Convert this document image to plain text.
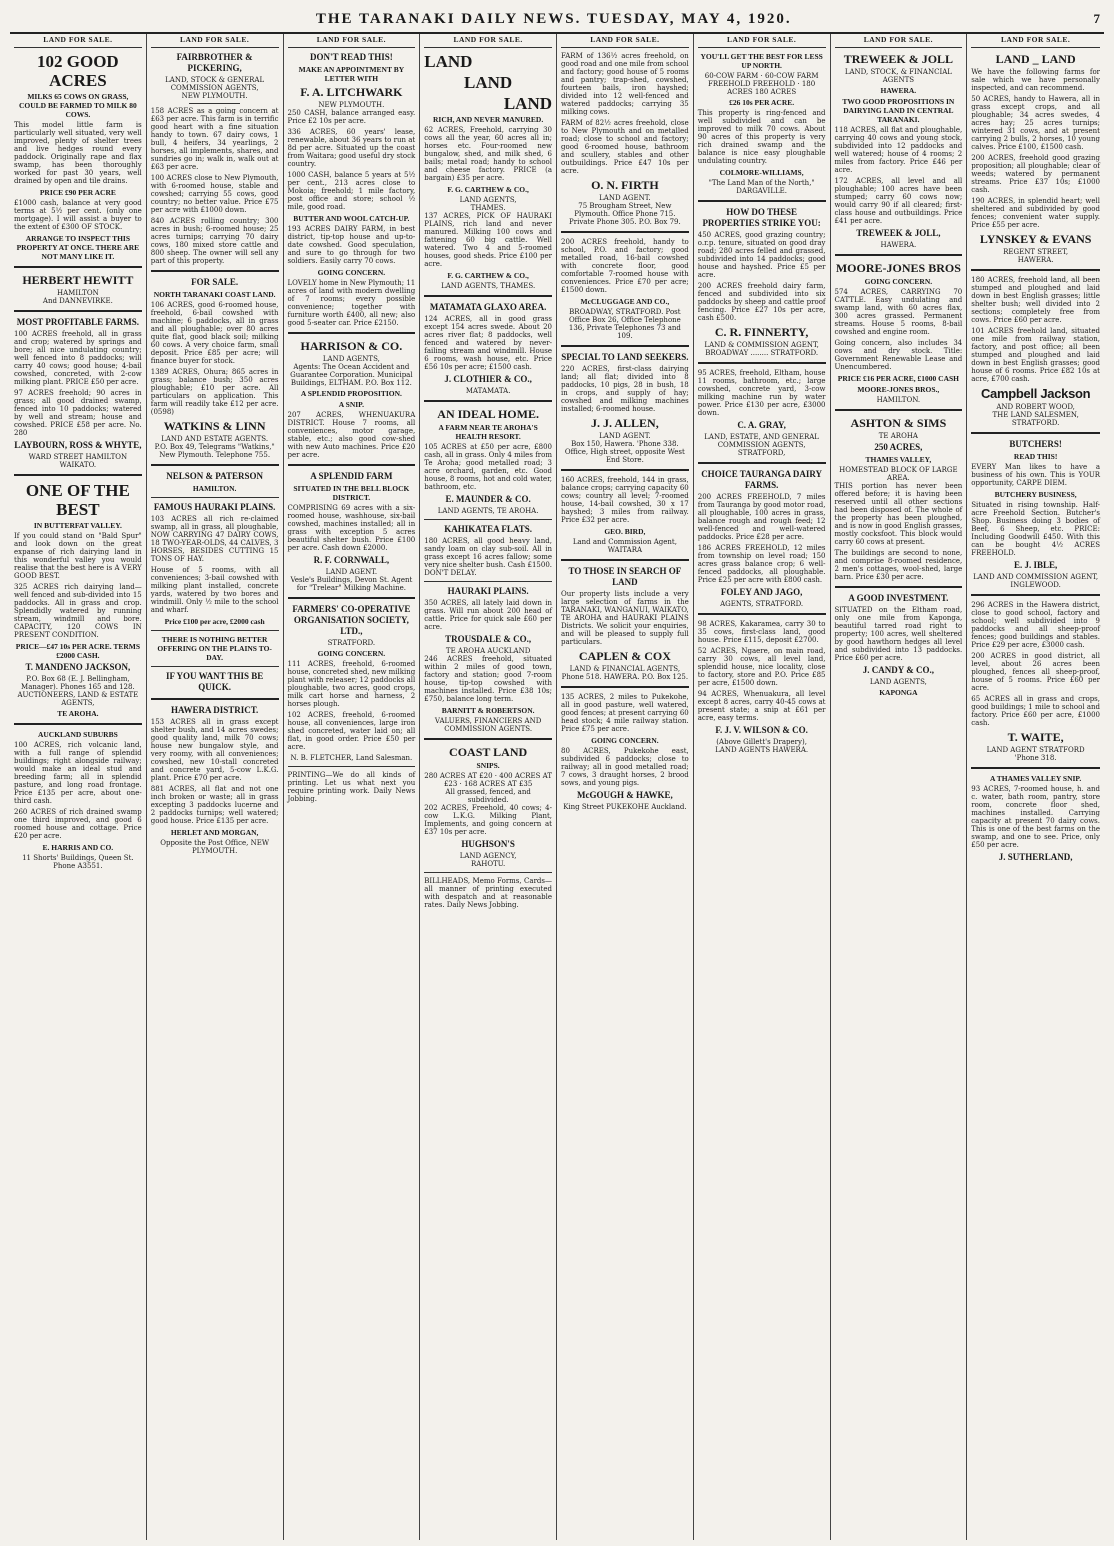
THE TARANAKI DAILY NEWS. TUESDAY, MAY 4, 1920.	7
LAND FOR SALE.
102 GOOD ACRES
MILKS 65 COWS ON GRASS, COULD BE FARMED TO MILK 80 COWS.

This model little farm is particularly well situated, very well improved, plenty of shelter trees and live hedges round every paddock. Originally rape and flax swamp, has been thoroughly worked for past 30 years, well drained by open and tile drains.

PRICE £90 PER ACRE

£1000 cash, balance at very good terms at 5½ per cent. (only one mortgage). I will assist a buyer to the extent of £300 OF STOCK.

ARRANGE TO INSPECT THIS PROPERTY AT ONCE. THERE ARE NOT MANY LIKE IT.
HERBERT HEWITT
HAMILTON
And DANNEVIRKE.
MOST PROFITABLE FARMS.

100 ACRES freehold, all in grass and crop; watered by springs and bore; all nice undulating country; well fenced into 8 paddocks; will carry 40 cows; good house; 4-bail cowshed, concreted, with 2-cow milking plant. PRICE £50 per acre.

97 ACRES freehold; 90 acres in grass; all good drained swamp, fenced into 10 paddocks; watered by well and stream; house and cowshed. PRICE £58 per acre. No. 280

LAYBOURN, ROSS & WHYTE,
WARD STREET HAMILTON WAIKATO.
ONE OF THE BEST
IN BUTTERFAT VALLEY.

If you could stand on "Bald Spur" and look down on the great expanse of rich dairying land in this wonderful valley you would realise that the best here is A VERY GOOD BEST.

325 ACRES rich dairying land—well fenced and sub-divided into 15 paddocks. All in grass and crop. Splendidly watered by running stream, windmill and bore. CAPACITY, 120 COWS IN PRESENT CONDITION.

PRICE—£47 10s PER ACRE. TERMS £2000 CASH.
T. MANDENO JACKSON,
P.O. Box 68 (E. J. Bellingham, Manager). Phones 165 and 128.
AUCTIONEERS, LAND & ESTATE AGENTS,
TE AROHA.
AUCKLAND SUBURBS

100 ACRES, rich volcanic land, with a full range of splendid buildings; right alongside railway; would make an ideal stud and breeding farm; all in splendid pasture, and long road frontage. Price £135 per acre, about one-third cash.

260 ACRES of rich drained swamp one third improved, and good 6 roomed house and cottage. Price £20 per acre.

E. HARRIS AND CO.
11 Shorts' Buildings, Queen St. Phone A3551.
LAND FOR SALE.
FAIRBROTHER & PICKERING,
LAND, STOCK & GENERAL COMMISSION AGENTS,
NEW PLYMOUTH.

158 ACRES as a going concern at £63 per acre. This farm is in terrific good heart with a fine situation handy to town. 67 dairy cows, 1 bull, 4 heifers, 34 yearlings, 2 horses, all implements, shares, and sundries go in; walk in, walk out at £63 per acre.

100 ACRES close to New Plymouth, with 6-roomed house, stable and cowshed; carrying 55 cows, good country; no better value. Price £75 per acre with £1000 down.

840 ACRES rolling country; 300 acres in bush; 6-roomed house; 25 acres turnips; carrying 70 dairy cows, 180 mixed store cattle and 800 sheep. The owner will sell any part of this property.

FOR SALE.
NORTH TARANAKI COAST LAND.

106 ACRES, good 6-roomed house, freehold, 6-bail cowshed with machine; 6 paddocks, all in grass and all ploughable; over 80 acres quite flat, good black soil; milking 60 cows. A very choice farm, small deposit. Price £85 per acre; will finance buyer for stock.

1389 ACRES, Ohura; 865 acres in grass; balance bush; 350 acres ploughable; £10 per acre. All particulars on application. This farm will readily take £12 per acre. (0598)

WATKINS & LINN
LAND AND ESTATE AGENTS.
P.O. Box 49, Telegrams "Watkins," New Plymouth. Telephone 755.
NELSON & PATERSON
HAMILTON.
FAMOUS HAURAKI PLAINS.

103 ACRES all rich re-claimed swamp, all in grass, all ploughable, NOW CARRYING 47 DAIRY COWS, 18 TWO-YEAR-OLDS, 44 CALVES, 3 HORSES, BESIDES CUTTING 15 TONS OF HAY.

House of 5 rooms, with all conveniences; 3-bail cowshed with milking plant installed, concrete yards, watered by two bores and windmill. Only ½ mile to the school and wharf.

Price £100 per acre, £2000 cash
THERE IS NOTHING BETTER OFFERING ON THE PLAINS TO-DAY.
IF YOU WANT THIS BE QUICK.
HAWERA DISTRICT.

153 ACRES all in grass except shelter bush, and 14 acres swedes; good quality land, milk 70 cows; house new bungalow style, and very roomy, with all conveniences; cowshed, new 10-stall concreted and concrete yard, 5-cow L.K.G. plant. Price £70 per acre.

881 ACRES, all flat and not one inch broken or waste; all in grass excepting 3 paddocks lucerne and 2 paddocks turnips; well watered; good house. Price £135 per acre.

HERLET AND MORGAN,
Opposite the Post Office, NEW PLYMOUTH.
LAND FOR SALE.
DON'T READ THIS!
MAKE AN APPOINTMENT BY LETTER WITH
F. A. LITCHWARK
NEW PLYMOUTH.

250 CASH, balance arranged easy. Price £2 10s per acre.

336 ACRES, 60 years' lease, renewable, about 36 years to run at 8d per acre. Situated up the coast from Waitara; good useful dry stock country.

1000 CASH, balance 5 years at 5½ per cent., 213 acres close to Mokoia; freehold; 1 mile factory, post office and store; school ½ mile, good road.

BUTTER AND WOOL CATCH-UP.

193 ACRES DAIRY FARM, in best district, tip-top house and up-to-date cowshed. Good speculation, and sure to go through for two soldiers. Easily carry 70 cows.

GOING CONCERN.

LOVELY home in New Plymouth; 11 acres of land with modern dwelling of 7 rooms; every possible convenience; together with furniture worth £400, all new; also good 5-seater car. Price £2150.

HARRISON & CO.
LAND AGENTS,
Agents: The Ocean Accident and Guarantee Corporation. Municipal Buildings, ELTHAM. P.O. Box 112.
A SPLENDID PROPOSITION.
A SNIP.

207 ACRES, WHENUAKURA DISTRICT. House 7 rooms, all conveniences, motor garage, stable, etc.; also good cow-shed with new Auto machines. Price £20 per acre.

A SPLENDID FARM
SITUATED IN THE BELL BLOCK DISTRICT.

COMPRISING 69 acres with a six-roomed house, washhouse, six-bail cowshed, machines installed; all in grass with exception 5 acres beautiful shelter bush. Price £100 per acre. Cash down £2000.

R. F. CORNWALL,
LAND AGENT.
Vesle's Buildings, Devon St. Agent for "Trelear" Milking Machine.
FARMERS' CO-OPERATIVE ORGANISATION SOCIETY, LTD.,
STRATFORD.
GOING CONCERN.

111 ACRES, freehold, 6-roomed house, concreted shed, new milking plant with releaser; 12 paddocks all ploughable, two acres, good crops, milk cart horse and harness, 2 horses plough.

102 ACRES, freehold, 6-roomed house, all conveniences, large iron shed concreted, water laid on; all flat, in good order. Price £50 per acre.

N. B. FLETCHER, Land Salesman.

PRINTING—We do all kinds of printing. Let us what next you require printing work. Daily News Jobbing.

LAND FOR SALE.
LAND
LAND
LAND
RICH, AND NEVER MANURED.

62 ACRES, Freehold, carrying 30 cows all the year, 60 acres all in; horses etc. Four-roomed new bungalow, shed, and milk shed, 6 bails; metal road; handy to school and cheese factory. PRICE (a bargain) £35 per acre.

F. G. CARTHEW & CO.,
LAND AGENTS,
THAMES.

137 ACRES, PICK OF HAURAKI PLAINS, rich land and never manured. Milking 100 cows and fattening 60 big cattle. Well watered. Two 4 and 5-roomed houses, good sheds. Price £100 per acre.

F. G. CARTHEW & CO.,
LAND AGENTS, THAMES.
MATAMATA GLAXO AREA.

124 ACRES, all in good grass except 154 acres swede. About 20 acres river flat; 8 paddocks, well fenced and watered by never-failing stream and windmill. House 6 rooms, wash house, etc. Price £56 10s per acre; £1500 cash.

J. CLOTHIER & CO.,
MATAMATA.
AN IDEAL HOME.
A FARM NEAR TE AROHA'S HEALTH RESORT.

105 ACRES at £50 per acre, £800 cash, all in grass. Only 4 miles from Te Aroha; good metalled road; 3 acre orchard, garden, etc. Good house, 8 rooms, hot and cold water, bathroom, etc.

E. MAUNDER & CO.
LAND AGENTS, TE AROHA.
KAHIKATEA FLATS.

180 ACRES, all good heavy land, sandy loam on clay sub-soil. All in grass except 16 acres fallow; some very nice shelter bush. Cash £1500. DON'T DELAY.

HAURAKI PLAINS.

350 ACRES, all lately laid down in grass. Will run about 200 head of cattle. Price for quick sale £60 per acre.

TROUSDALE & CO.,
TE AROHA AUCKLAND

246 ACRES freehold, situated within 2 miles of good town, factory and station; good 7-room house, tip-top cowshed with machines installed. Price £38 10s; £750, balance long term.

BARNITT & ROBERTSON.
VALUERS, FINANCIERS AND COMMISSION AGENTS.
COAST LAND
SNIPS.
280 ACRES AT £20 · 400 ACRES AT £23 · 168 ACRES AT £35
All grassed, fenced, and subdivided.

202 ACRES, Freehold, 40 cows; 4-cow L.K.G. Milking Plant, Implements, and going concern at £37 10s per acre.

HUGHSON'S
LAND AGENCY,
RAHOTU.

BILLHEADS, Memo Forms, Cards—all manner of printing executed with despatch and at reasonable rates. Daily News Jobbing.

LAND FOR SALE.

FARM of 136½ acres freehold, on good road and one mile from school and factory; good house of 5 rooms and pantry; trap-shed, cowshed, fourteen bails, iron hayshed; divided into 12 well-fenced and watered paddocks; carrying 35 milking cows.

FARM of 82½ acres freehold, close to New Plymouth and on metalled road; close to school and factory; good 6-roomed house, bathroom and scullery, stables and other outbuildings. Price £47 10s per acre.

O. N. FIRTH
LAND AGENT.
75 Brougham Street, New Plymouth. Office Phone 715. Private Phone 305. P.O. Box 79.

200 ACRES freehold, handy to school, P.O. and factory; good metalled road, 16-bail cowshed with concrete floor, good comfortable 7-roomed house with conveniences. Price £70 per acre; £1500 down.

McCLUGGAGE AND CO.,
BROADWAY, STRATFORD. Post Office Box 26, Office Telephone 136, Private Telephones 73 and 109.
SPECIAL TO LAND SEEKERS.

220 ACRES, first-class dairying land; all flat; divided into 8 paddocks, 10 pigs, 28 in bush, 18 in crops, and supply of hay; cowshed and milking machines installed; 6-roomed house.

J. J. ALLEN,
LAND AGENT.
Box 150, Hawera. 'Phone 338. Office, High street, opposite West End Store.

160 ACRES, freehold, 144 in grass, balance crops; carrying capacity 60 cows; country all level; 7-roomed house, 14-bail cowshed, 30 x 17 hayshed; 3 miles from railway. Price £32 per acre.

GEO. BIRD,
Land and Commission Agent,
WAITARA
TO THOSE IN SEARCH OF LAND

Our property lists include a very large selection of farms in the TARANAKI, WANGANUI, WAIKATO, TE AROHA and HAURAKI PLAINS Districts. We solicit your enquiries, and will be pleased to supply full particulars.

CAPLEN & COX
LAND & FINANCIAL AGENTS,
Phone 518. HAWERA. P.O. Box 125.

135 ACRES, 2 miles to Pukekohe, all in good pasture, well watered, good fences; at present carrying 60 head stock; 4 mile railway station. Price £75 per acre.

GOING CONCERN.

80 ACRES, Pukekohe east, subdivided 6 paddocks; close to railway; all in good metalled road; 7 cows, 3 draught horses, 2 brood sows, and young pigs.

McGOUGH & HAWKE,
King Street PUKEKOHE Auckland.
LAND FOR SALE.
YOU'LL GET THE BEST FOR LESS UP NORTH.
60-COW FARM · 60-COW FARM
FREEHOLD FREEHOLD · 180 ACRES 180 ACRES
£26 10s PER ACRE.

This property is ring-fenced and well subdivided and can be improved to milk 70 cows. About 90 acres of this property is very rich drained swamp and the balance is nice easy ploughable undulating country.

COLMORE-WILLIAMS,
"The Land Man of the North,"
DARGAVILLE.
HOW DO THESE PROPERTIES STRIKE YOU:

450 ACRES, good grazing country; o.r.p. tenure, situated on good dray road; 280 acres felled and grassed, subdivided into 14 paddocks; good house and hayshed. Price £5 per acre.

200 ACRES freehold dairy farm, fenced and subdivided into six paddocks by sheep and cattle proof fencing. Price £27 10s per acre, cash £500.

C. R. FINNERTY,
LAND & COMMISSION AGENT,
BROADWAY ........ STRATFORD.

95 ACRES, freehold, Eltham, house 11 rooms, bathroom, etc.; large cowshed, concrete yard, 3-cow milking machine run by water power. Price £130 per acre, £3000 down.

C. A. GRAY,
LAND, ESTATE, AND GENERAL COMMISSION AGENTS,
STRATFORD,
CHOICE TAURANGA DAIRY FARMS.

200 ACRES FREEHOLD, 7 miles from Tauranga by good motor road, all ploughable, 100 acres in grass, balance rough and rough feed; 12 well-fenced and well-watered paddocks. Price £28 per acre.

186 ACRES FREEHOLD, 12 miles from township on level road; 150 acres grass balance crop; 6 well-fenced paddocks, all ploughable. Price £25 per acre with £800 cash.

FOLEY AND JAGO,
AGENTS, STRATFORD.

98 ACRES, Kakaramea, carry 30 to 35 cows, first-class land, good house. Price £115, deposit £2700.

52 ACRES, Ngaere, on main road, carry 30 cows, all level land, splendid house, nice locality, close to factory, store and P.O. Price £85 per acre, £1500 down.

94 ACRES, Whenuakura, all level except 8 acres, carry 40-45 cows at present state; a snip at £61 per acre, easy terms.

F. J. V. WILSON & CO.
(Above Gillett's Drapery),
LAND AGENTS HAWERA.
LAND FOR SALE.
TREWEEK & JOLL
LAND, STOCK, & FINANCIAL AGENTS
HAWERA.
TWO GOOD PROPOSITIONS IN DAIRYING LAND IN CENTRAL TARANAKI.

118 ACRES, all flat and ploughable, carrying 40 cows and young stock, subdivided into 12 paddocks and well watered; house of 4 rooms; 2 miles from factory. Price £46 per acre.

172 ACRES, all level and all ploughable; 100 acres have been stumped; carry 60 cows now; would carry 90 if all cleared; first-class house and outbuildings. Price £41 per acre.

TREWEEK & JOLL,
HAWERA.
MOORE-JONES BROS
GOING CONCERN.

574 ACRES, CARRYING 70 CATTLE. Easy undulating and swamp land, with 60 acres flax, 300 acres grassed. Permanent streams. House 5 rooms, 8-bail cowshed and engine room.

Going concern, also includes 34 cows and dry stock. Title: Government Renewable Lease and Unencumbered.

PRICE £16 PER ACRE, £1000 CASH
MOORE-JONES BROS.,
HAMILTON.
ASHTON & SIMS
TE AROHA
250 ACRES,
THAMES VALLEY,
HOMESTEAD BLOCK OF LARGE AREA.

THIS portion has never been offered before; it is having been reserved until all other sections had been disposed of. The whole of the property has been ploughed, and is now in good English grasses, mostly cocksfoot. This block would carry 60 cows at present.

The buildings are second to none, and comprise 8-roomed residence, 2 men's cottages, wool-shed, large barn. Price £30 per acre.

A GOOD INVESTMENT.

SITUATED on the Eltham road, only one mile from Kaponga, beautiful tarred road right to property; 100 acres, well sheltered by good hawthorn hedges all level and subdivided into 13 paddocks. Price £60 per acre.

J. CANDY & CO.,
LAND AGENTS,
KAPONGA
LAND FOR SALE.
LAND _ LAND

We have the following farms for sale which we have personally inspected, and can recommend.

50 ACRES, handy to Hawera, all in grass except crops, and all ploughable; 34 acres swedes, 4 acres hay; 25 acres turnips; wintered 31 cows, and at present carrying 2 bulls, 2 horses, 10 young calves. Price £100, £1500 cash.

200 ACRES, freehold good grazing proposition; all ploughable; clear of weeds; watered by permanent streams. Price £37 10s; £1000 cash.

190 ACRES, in splendid heart; well sheltered and subdivided by good fences; convenient water supply. Price £55 per acre.

LYNSKEY & EVANS
REGENT STREET,
HAWERA.

180 ACRES, freehold land, all been stumped and ploughed and laid down in best English grasses; little shelter bush; well divided into 2 sections; completely free from cows. Price £60 per acre.

101 ACRES freehold land, situated one mile from railway station, factory, and post office; all been stumped and ploughed and laid down in best English grasses; good house of 6 rooms. Price £82 10s at acre, £700 cash.

Campbell Jackson
AND ROBERT WOOD,
THE LAND SALESMEN,
STRATFORD.
BUTCHERS!
READ THIS!

EVERY Man likes to have a business of his own. This is YOUR opportunity, CARPE DIEM.

BUTCHERY BUSINESS,

Situated in rising township. Half-acre Freehold Section. Butcher's Shop. Business doing 3 bodies of Beef, 6 Sheep, etc. PRICE: Including Goodwill £450. With this can be bought 4½ ACRES FREEHOLD.

E. J. IBLE,
LAND AND COMMISSION AGENT,
INGLEWOOD.

296 ACRES in the Hawera district, close to good school, factory and school; well subdivided into 9 paddocks and all sheep-proof fences; good buildings and stables. Price £29 per acre, £3000 cash.

200 ACRES in good district, all level, about 26 acres been ploughed, fences all sheep-proof, house of 5 rooms. Price £60 per acre.

65 ACRES all in grass and crops, good buildings; 1 mile to school and factory. Price £60 per acre, £1000 cash.

T. WAITE,
LAND AGENT STRATFORD
'Phone 318.
A THAMES VALLEY SNIP.

93 ACRES, 7-roomed house, h. and c. water, bath room, pantry, store room, concrete floor shed, machines installed. Carrying capacity at present 70 dairy cows. This is one of the best farms on the swamp, and one to see. Price, only £50 per acre.

J. SUTHERLAND,
